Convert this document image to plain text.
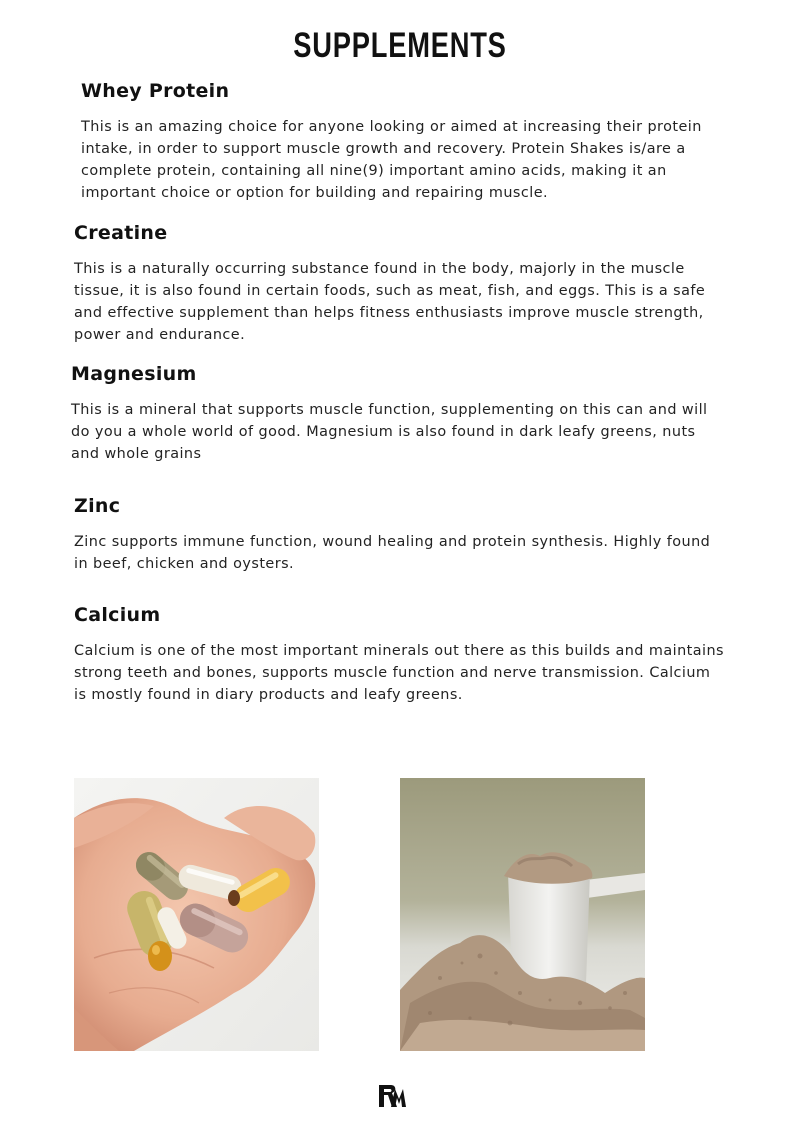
SUPPLEMENTS
Whey Protein

This is an amazing choice for anyone looking or aimed at increasing their protein intake, in order to support muscle growth and recovery. Protein Shakes is/are a complete protein, containing all nine(9) important amino acids, making it an important choice or option for building and repairing muscle.

Creatine

This is a naturally occurring substance found in the body, majorly in the muscle tissue, it is also found in certain foods, such as meat, fish, and eggs. This is a safe and effective supplement than helps fitness enthusiasts improve muscle strength, power and endurance.

Magnesium

This is a mineral that supports muscle function, supplementing on this can and will do you a whole world of good. Magnesium is also found in dark leafy greens, nuts and whole grains

Zinc

Zinc supports immune function, wound healing and protein synthesis. Highly found in beef, chicken and oysters.

Calcium

Calcium is one of the most important minerals out there as this builds and maintains strong teeth and bones, supports muscle function and nerve transmission. Calcium is mostly found in diary products and leafy greens.
